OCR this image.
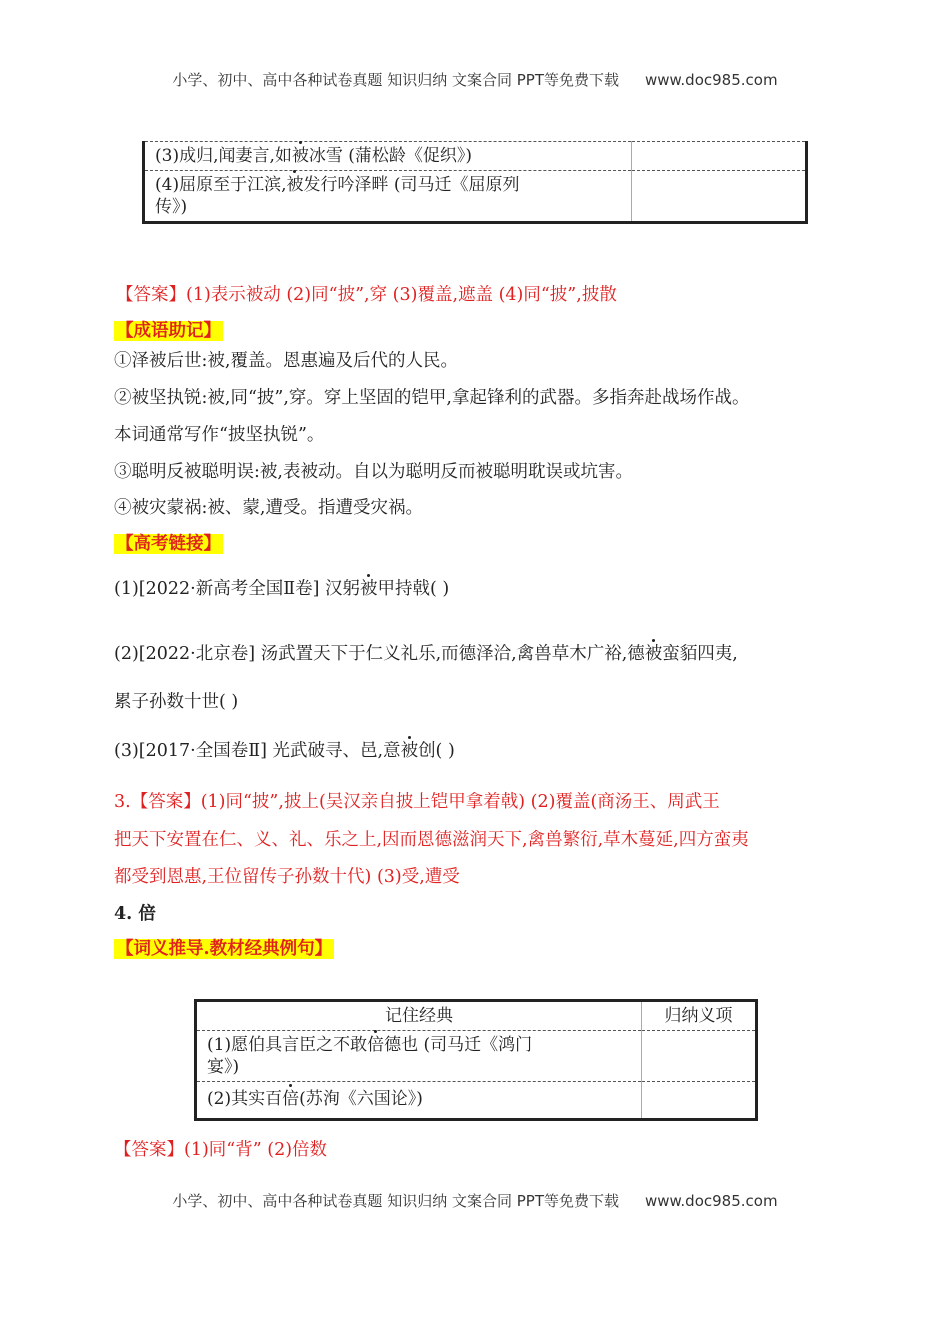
小学、初中、高中各种试卷真题 知识归纳 文案合同 PPT等免费下载 www.doc985.com
(3)成归,闻妻言,如被冰雪 (蒲松龄《促织》)	
(4)屈原至于江滨,被发行吟泽畔 (司马迁《屈原列
传》)	
【答案】(1)表示被动 (2)同“披”,穿 (3)覆盖,遮盖 (4)同“披”,披散
【成语助记】
①泽被后世:被,覆盖。恩惠遍及后代的人民。
②被坚执锐:被,同“披”,穿。穿上坚固的铠甲,拿起锋利的武器。多指奔赴战场作战。
本词通常写作“披坚执锐”。
③聪明反被聪明误:被,表被动。自以为聪明反而被聪明耽误或坑害。
④被灾蒙祸:被、蒙,遭受。指遭受灾祸。
【高考链接】
(1)[2022·新高考全国Ⅱ卷] 汉躬被甲持戟( )
(2)[2022·北京卷] 汤武置天下于仁义礼乐,而德泽洽,禽兽草木广裕,德被蛮貊四夷,
累子孙数十世( )
(3)[2017·全国卷Ⅱ] 光武破寻、邑,意被创( )
3.【答案】(1)同“披”,披上(吴汉亲自披上铠甲拿着戟) (2)覆盖(商汤王、周武王
把天下安置在仁、义、礼、乐之上,因而恩德滋润天下,禽兽繁衍,草木蔓延,四方蛮夷
都受到恩惠,王位留传子孙数十代) (3)受,遭受
4. 倍
【词义推导.教材经典例句】
记住经典	归纳义项
(1)愿伯具言臣之不敢倍德也 (司马迁《鸿门
宴》)	
(2)其实百倍(苏洵《六国论》)	
【答案】(1)同“背” (2)倍数
小学、初中、高中各种试卷真题 知识归纳 文案合同 PPT等免费下载 www.doc985.com
